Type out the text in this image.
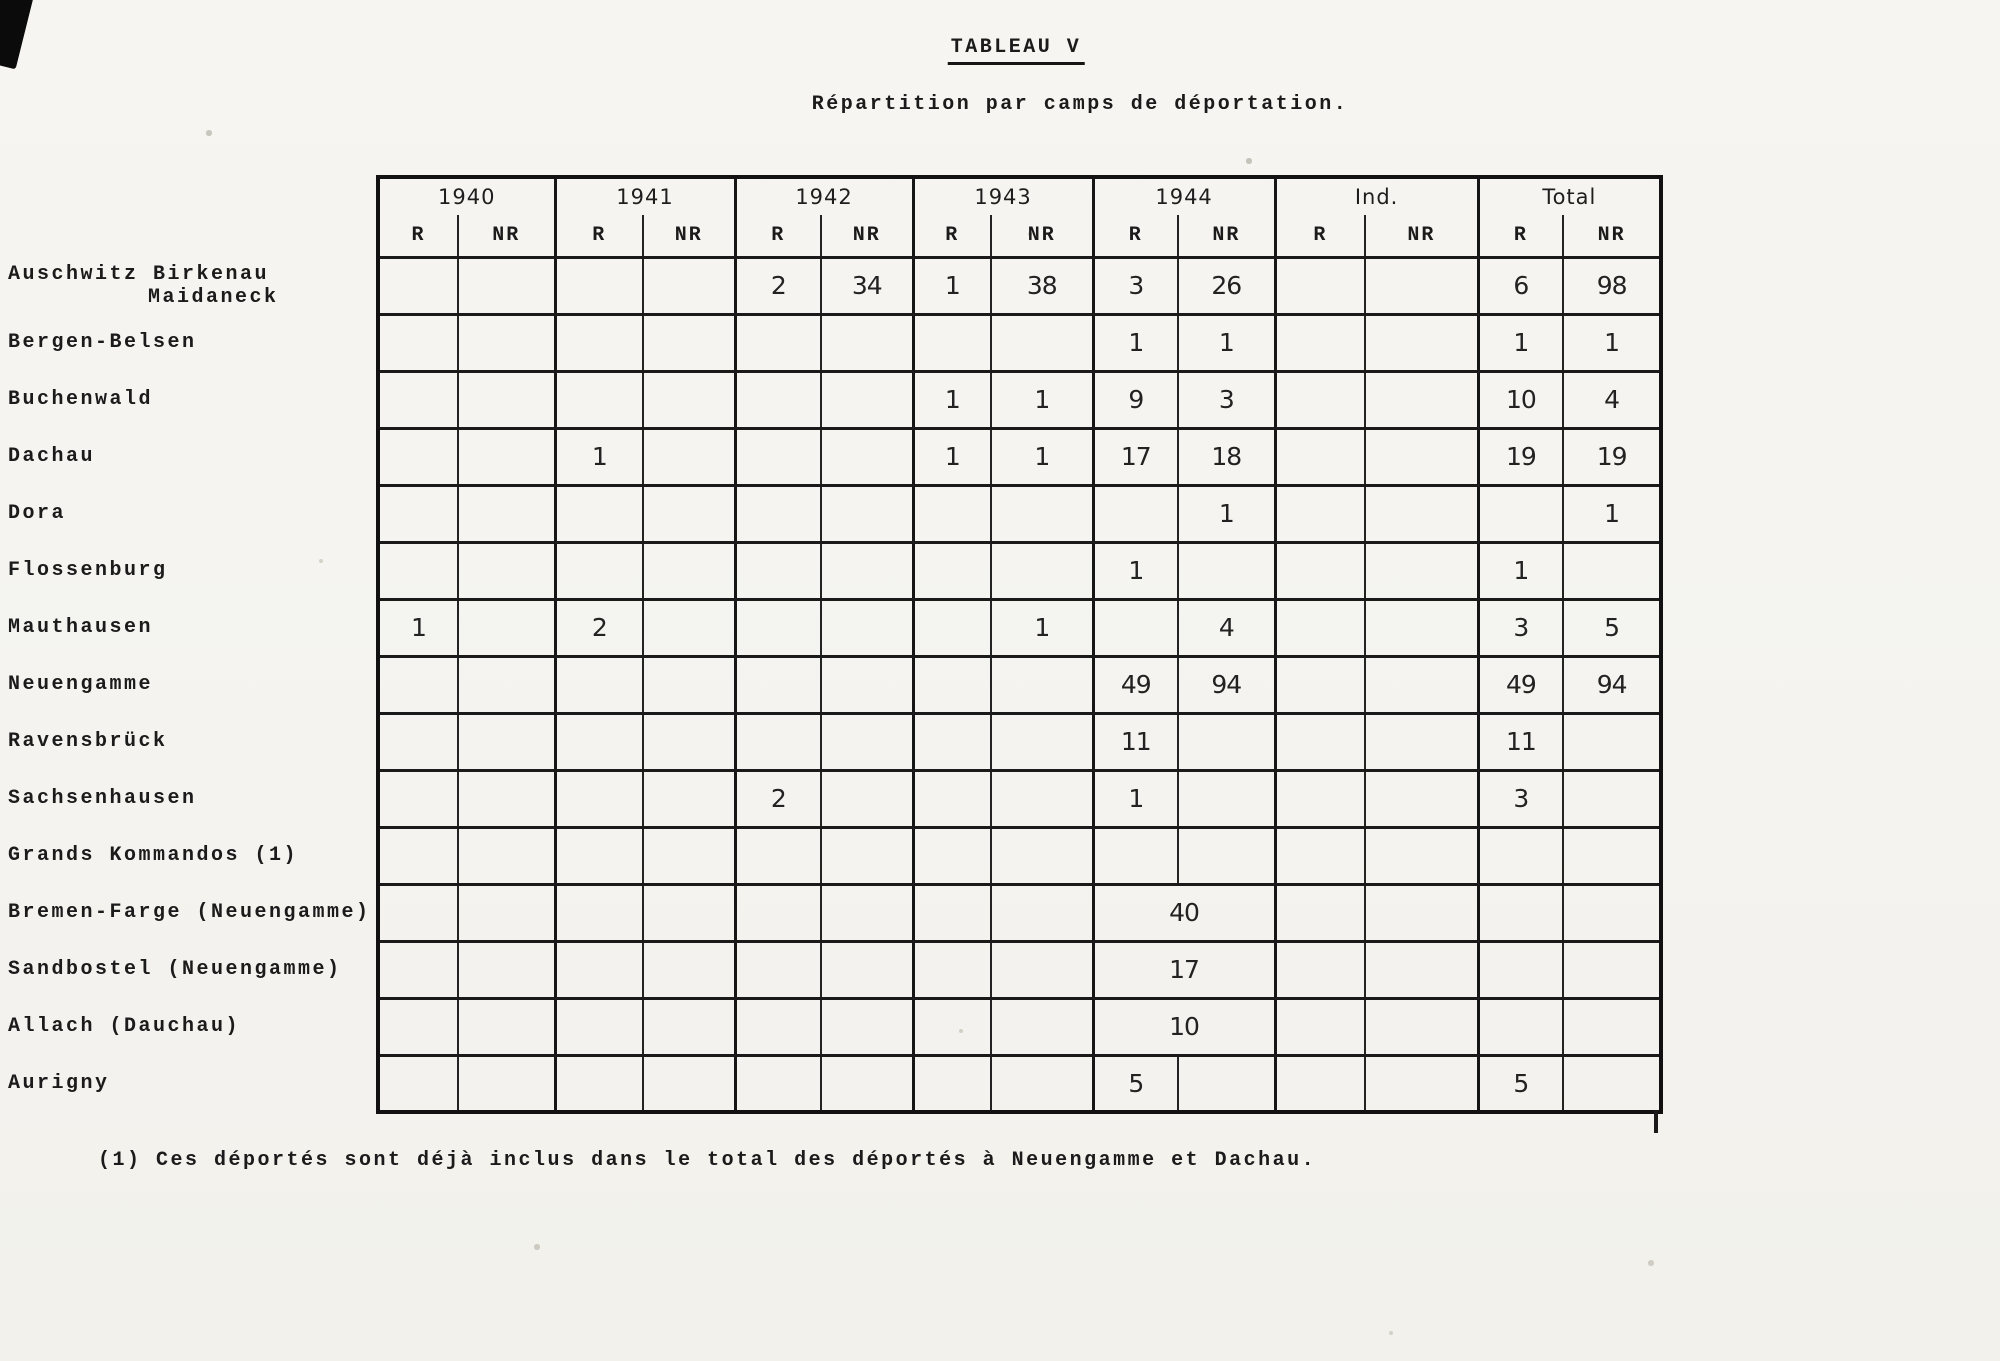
TABLEAU V
Répartition par camps de déportation.
	1940		1941		1942		1943		1944		Ind.		Total	
	R	NR	R	NR	R	NR	R	NR	R	NR	R	NR	R	NR

Auschwitz Birkenau
Maidaneck					2	34	1	38	3	26			6	98

Bergen-Belsen									1	1			1	1

Buchenwald							1	1	9	3			10	4

Dachau			1				1	1	17	18			19	19

Dora										1				1

Flossenburg									1				1	

Mauthausen	1		2					1		4			3	5

Neuengamme									49	94			49	94

Ravensbrück									11				11	

Sachsenhausen					2				1				3	

Grands Kommandos (1)														

Bremen-Farge (Neuengamme)									40					

Sandbostel (Neuengamme)									17					

Allach (Dauchau)									10					

Aurigny									5				5	
(1) Ces déportés sont déjà inclus dans le total des déportés à Neuengamme et Dachau.
